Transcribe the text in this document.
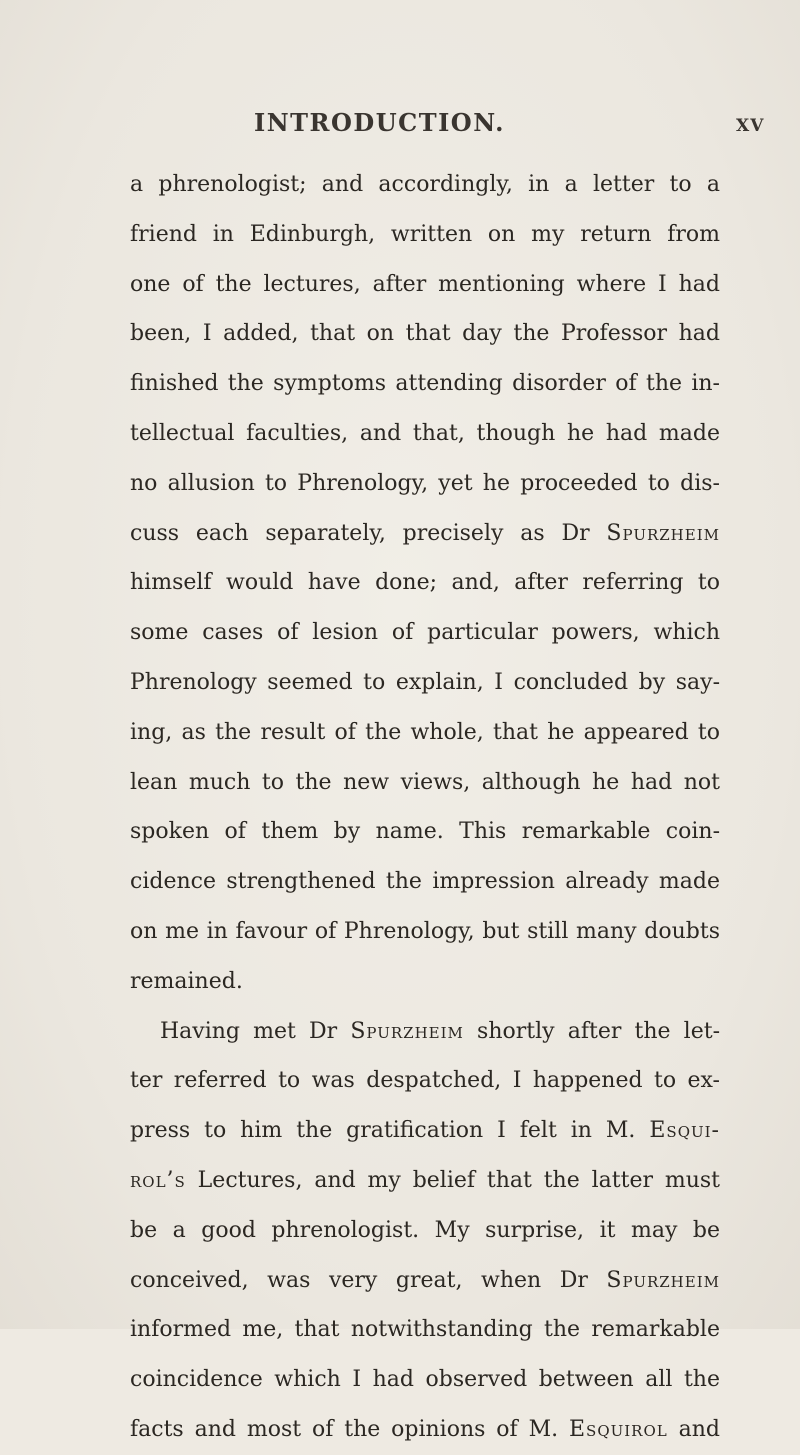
INTRODUCTION.	xv
a phrenologist; and accordingly, in a letter to a
friend in Edinburgh, written on my return from
one of the lectures, after mentioning where I had
been, I added, that on that day the Professor had
finished the symptoms attending disorder of the in-
tellectual faculties, and that, though he had made
no allusion to Phrenology, yet he proceeded to dis-
cuss each separately, precisely as Dr Spurzheim
himself would have done; and, after referring to
some cases of lesion of particular powers, which
Phrenology seemed to explain, I concluded by say-
ing, as the result of the whole, that he appeared to
lean much to the new views, although he had not
spoken of them by name. This remarkable coin-
cidence strengthened the impression already made
on me in favour of Phrenology, but still many doubts
remained.
Having met Dr Spurzheim shortly after the let-
ter referred to was despatched, I happened to ex-
press to him the gratification I felt in M. Esqui-
rol’s Lectures, and my belief that the latter must
be a good phrenologist. My surprise, it may be
conceived, was very great, when Dr Spurzheim
informed me, that notwithstanding the remarkable
coincidence which I had observed between all the
facts and most of the opinions of M. Esquirol and
